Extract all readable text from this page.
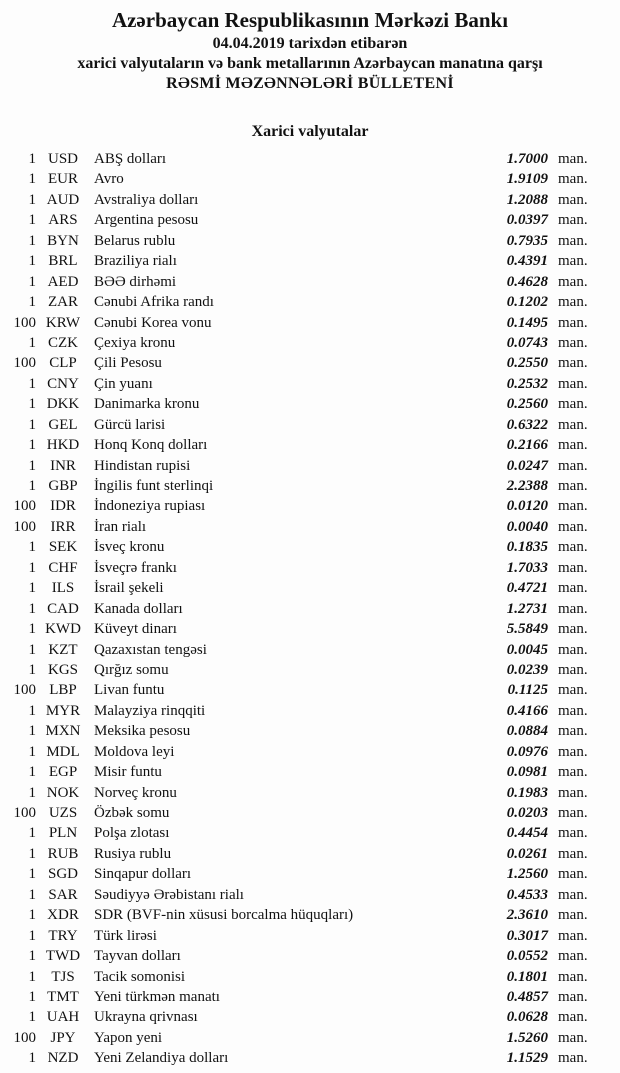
Azərbaycan Respublikasının Mərkəzi Bankı

04.04.2019 tarixdən etibarən

xarici valyutaların və bank metallarının Azərbaycan manatına qarşı

RƏSMİ MƏZƏNNƏLƏRİ BÜLLETENİ

Xarici valyutalar
1 USD	ABŞ dolları	1.7000 man.
1 EUR	Avro	1.9109 man.
1 AUD Avstraliya dolları	1.2088 man.
1 ARS	Argentina pesosu	0.0397 man.
1 BYN	Belarus rublu	0.7935 man.
1 BRL	Braziliya rialı	0.4391 man.
1 AED	BƏƏ dirhəmi	0.4628 man.
1 ZAR	Cənubi Afrika randı	0.1202 man.
100 KRW Cənubi Korea vonu	0.1495 man.
1 CZK	Çexiya kronu	0.0743 man.
100 CLP	Çili Pesosu	0.2550 man.
1 CNY	Çin yuanı	0.2532 man.
1 DKK Danimarka kronu	0.2560 man.
1 GEL	Gürcü larisi	0.6322 man.
1 HKD Honq Konq dolları	0.2166 man.
1 INR	Hindistan rupisi	0.0247 man.
1 GBP	İngilis funt sterlinqi	2.2388 man.
100 IDR	İndoneziya rupiası	0.0120 man.
100 IRR	İran rialı	0.0040 man.
1 SEK	İsveç kronu	0.1835 man.
1 CHF	İsveçrə frankı	1.7033 man.
1	ILS	İsrail şekeli	0.4721 man.
1 CAD	Kanada dolları	1.2731 man.
1 KWD Küveyt dinarı	5.5849 man.
1 KZT	Qazaxıstan tengəsi	0.0045 man.
1 KGS	Qırğız somu	0.0239 man.
100 LBP	Livan funtu	0.1125 man.
1 MYR Malayziya rinqqiti	0.4166 man.
1 MXN Meksika pesosu	0.0884 man.
1 MDL Moldova leyi	0.0976 man.
1 EGP	Misir funtu	0.0981 man.
1 NOK Norveç kronu	0.1983 man.
100 UZS	Özbək somu	0.0203 man.
1 PLN	Polşa zlotası	0.4454 man.
1 RUB	Rusiya rublu	0.0261 man.
1 SGD	Sinqapur dolları	1.2560 man.
1 SAR	Səudiyyə Ərəbistanı rialı	0.4533 man.
1 XDR	SDR (BVF-nin xüsusi borcalma hüquqları)	2.3610 man.
1 TRY	Türk lirəsi	0.3017 man.
1 TWD Tayvan dolları	0.0552 man.
1	TJS	Tacik somonisi	0.1801 man.
1 TMT	Yeni türkmən manatı	0.4857 man.
1 UAH Ukrayna qrivnası	0.0628 man.
100 JPY	Yapon yeni	1.5260 man.
1 NZD	Yeni Zelandiya dolları	1.1529 man.
